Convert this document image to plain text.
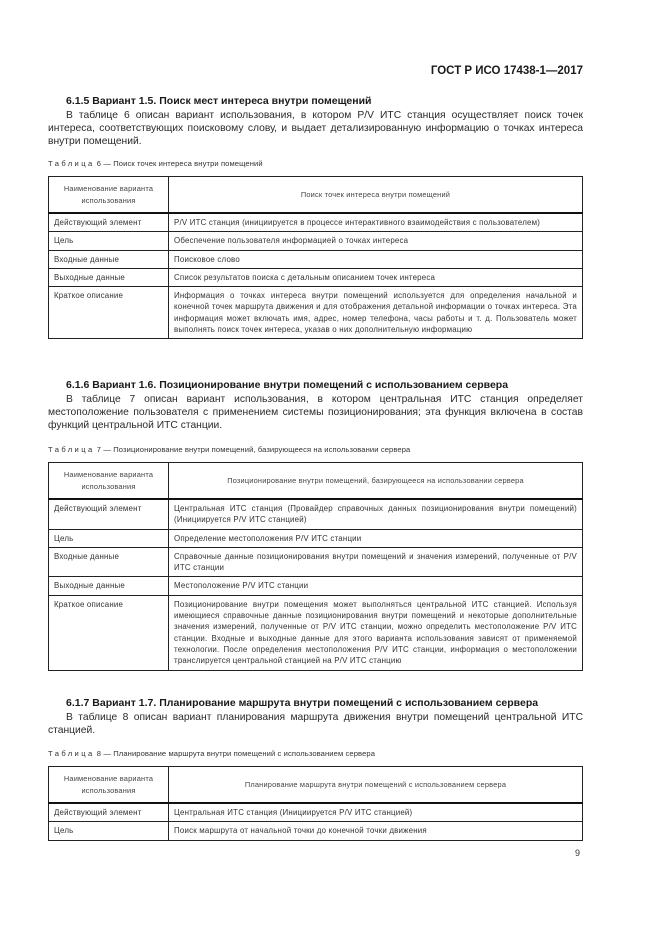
ГОСТ Р ИСО 17438-1—2017
6.1.5 Вариант 1.5. Поиск мест интереса внутри помещений
В таблице 6 описан вариант использования, в котором P/V ИТС станция осуществляет поиск точек интереса, соответствующих поисковому слову, и выдает детализированную информацию о точках интереса внутри помещений.
Таблица 6 — Поиск точек интереса внутри помещений
Наименование варианта использования	Поиск точек интереса внутри помещений
Действующий элемент	P/V ИТС станция (инициируется в процессе интерактивного взаимодействия с пользователем)
Цель	Обеспечение пользователя информацией о точках интереса
Входные данные	Поисковое слово
Выходные данные	Список результатов поиска с детальным описанием точек интереса
Краткое описание	Информация о точках интереса внутри помещений используется для определения начальной и конечной точек маршрута движения и для отображения детальной информации о точках интереса. Эта информация может включать имя, адрес, номер телефона, часы работы и т. д. Пользователь может выполнять поиск точек интереса, указав о них дополнительную информацию
6.1.6 Вариант 1.6. Позиционирование внутри помещений с использованием сервера
В таблице 7 описан вариант использования, в котором центральная ИТС станция определяет местоположение пользователя с применением системы позиционирования; эта функция включена в состав функций центральной ИТС станции.
Таблица 7 — Позиционирование внутри помещений, базирующееся на использовании сервера
Наименование варианта использования	Позиционирование внутри помещений, базирующееся на использовании сервера
Действующий элемент	Центральная ИТС станция (Провайдер справочных данных позиционирования внутри помещений) (Инициируется P/V ИТС станцией)
Цель	Определение местоположения P/V ИТС станции
Входные данные	Справочные данные позиционирования внутри помещений и значения измерений, полученные от P/V ИТС станции
Выходные данные	Местоположение P/V ИТС станции
Краткое описание	Позиционирование внутри помещения может выполняться центральной ИТС станцией. Используя имеющиеся справочные данные позиционирования внутри помещений и некоторые дополнительные значения измерений, полученные от P/V ИТС станции, можно определить местоположение P/V ИТС станции. Входные и выходные данные для этого варианта использования зависят от применяемой технологии. После определения местоположения P/V ИТС станции, информация о местоположении транслируется центральной станцией на P/V ИТС станцию
6.1.7 Вариант 1.7. Планирование маршрута внутри помещений с использованием сервера
В таблице 8 описан вариант планирования маршрута движения внутри помещений центральной ИТС станцией.
Таблица 8 — Планирование маршрута внутри помещений с использованием сервера
Наименование варианта использования	Планирование маршрута внутри помещений с использованием сервера
Действующий элемент	Центральная ИТС станция (Инициируется P/V ИТС станцией)
Цель	Поиск маршрута от начальной точки до конечной точки движения
9
